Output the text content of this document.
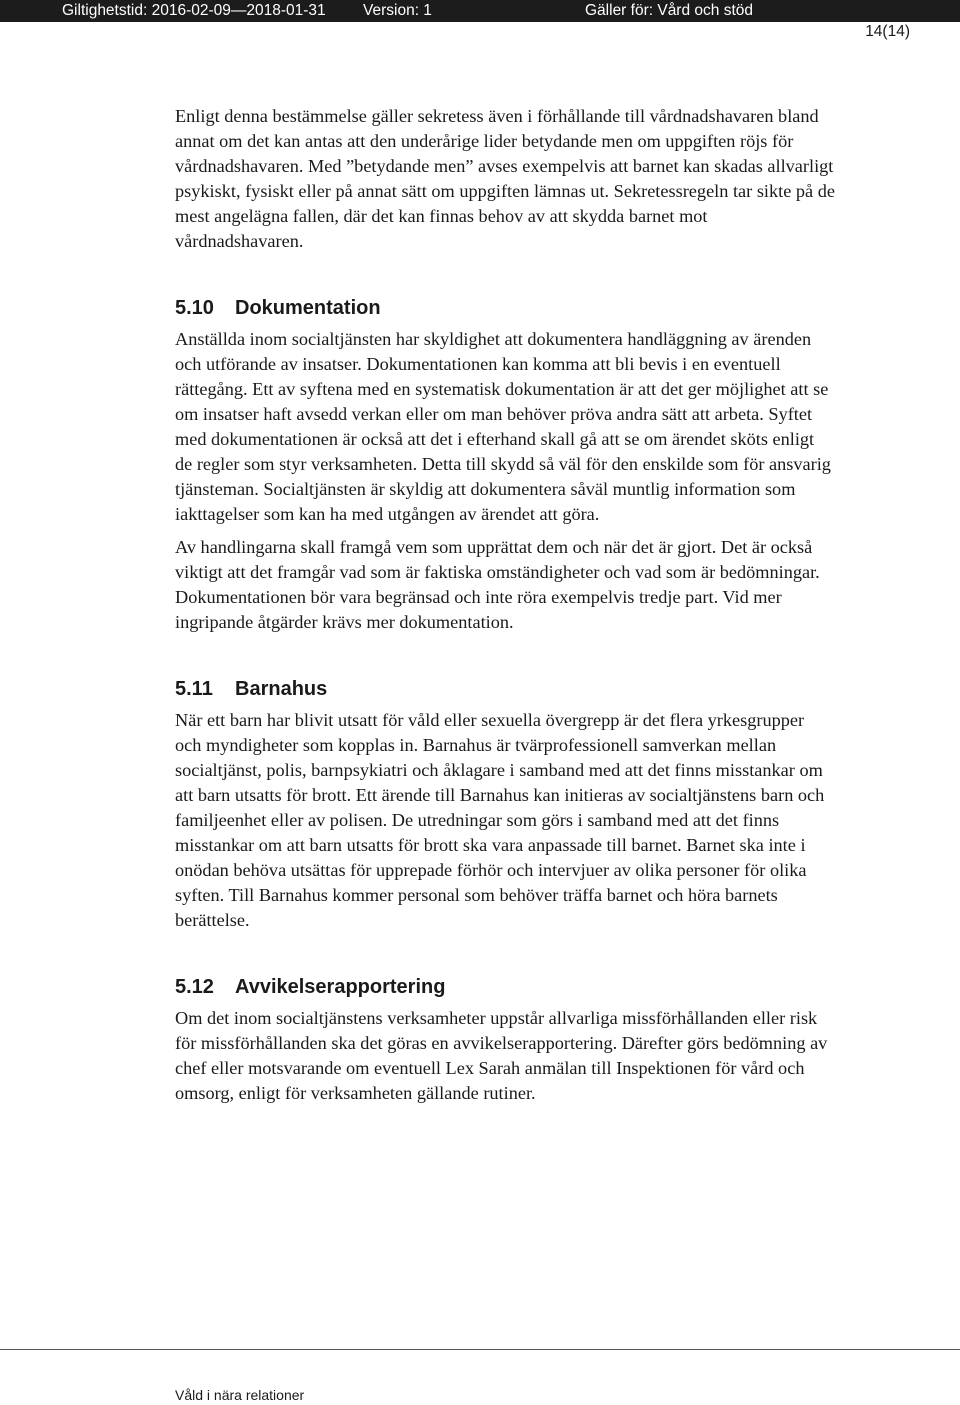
Giltighetstid: 2016-02-09—2018-01-31 Version: 1	Gäller för: Vård och stöd
14(14)

Enligt denna bestämmelse gäller sekretess även i förhållande till vårdnadshavaren bland annat om det kan antas att den underårige lider betydande men om uppgiften röjs för vårdnadshavaren. Med ”betydande men” avses exempelvis att barnet kan skadas allvarligt psykiskt, fysiskt eller på annat sätt om uppgiften lämnas ut. Sekretessregeln tar sikte på de mest angelägna fallen, där det kan finnas behov av att skydda barnet mot vårdnadshavaren.

5.10 Dokumentation

Anställda inom socialtjänsten har skyldighet att dokumentera handläggning av ärenden och utförande av insatser. Dokumentationen kan komma att bli bevis i en eventuell rättegång. Ett av syftena med en systematisk dokumentation är att det ger möjlighet att se om insatser haft avsedd verkan eller om man behöver pröva andra sätt att arbeta. Syftet med dokumentationen är också att det i efterhand skall gå att se om ärendet sköts enligt de regler som styr verksamheten. Detta till skydd så väl för den enskilde som för ansvarig tjänsteman. Socialtjänsten är skyldig att dokumentera såväl muntlig information som iakttagelser som kan ha med utgången av ärendet att göra.

Av handlingarna skall framgå vem som upprättat dem och när det är gjort. Det är också viktigt att det framgår vad som är faktiska omständigheter och vad som är bedömningar. Dokumentationen bör vara begränsad och inte röra exempelvis tredje part. Vid mer ingripande åtgärder krävs mer dokumentation.

5.11 Barnahus

När ett barn har blivit utsatt för våld eller sexuella övergrepp är det flera yrkesgrupper och myndigheter som kopplas in. Barnahus är tvärprofessionell samverkan mellan socialtjänst, polis, barnpsykiatri och åklagare i samband med att det finns misstankar om att barn utsatts för brott. Ett ärende till Barnahus kan initieras av socialtjänstens barn och familjeenhet eller av polisen. De utredningar som görs i samband med att det finns misstankar om att barn utsatts för brott ska vara anpassade till barnet. Barnet ska inte i onödan behöva utsättas för upprepade förhör och intervjuer av olika personer för olika syften. Till Barnahus kommer personal som behöver träffa barnet och höra barnets berättelse.

5.12 Avvikelserapportering

Om det inom socialtjänstens verksamheter uppstår allvarliga missförhållanden eller risk för missförhållanden ska det göras en avvikelserapportering. Därefter görs bedömning av chef eller motsvarande om eventuell Lex Sarah anmälan till Inspektionen för vård och omsorg, enligt för verksamheten gällande rutiner.

Våld i nära relationer
